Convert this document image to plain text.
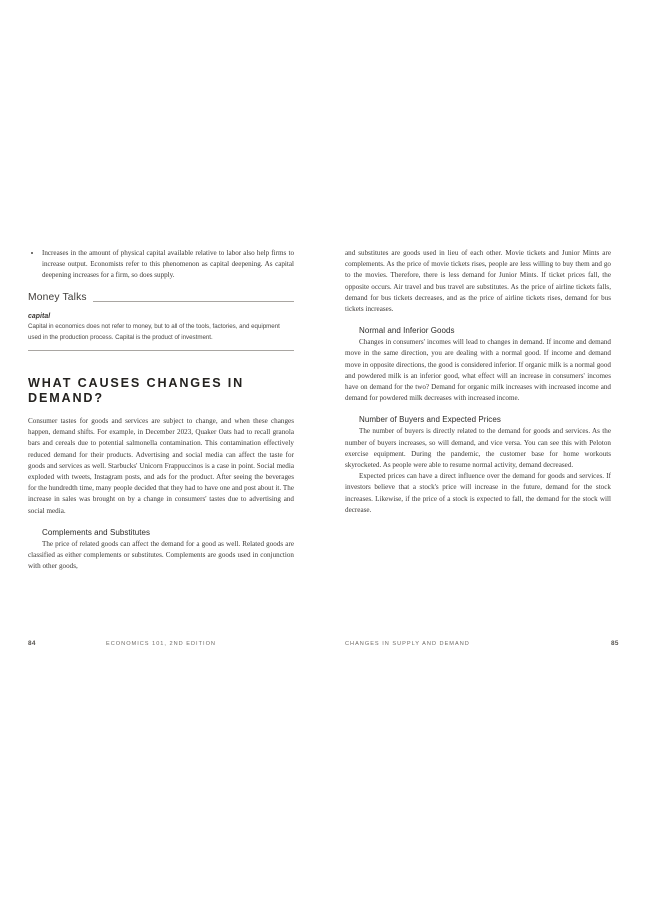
Increases in the amount of physical capital available relative to labor also help firms to increase output. Economists refer to this phenomenon as capital deepening. As capital deepening increases for a firm, so does supply.
Money Talks
capital
Capital in economics does not refer to money, but to all of the tools, factories, and equipment used in the production process. Capital is the product of investment.
WHAT CAUSES CHANGES IN DEMAND?

Consumer tastes for goods and services are subject to change, and when these changes happen, demand shifts. For example, in December 2023, Quaker Oats had to recall granola bars and cereals due to potential salmonella contamination. This contamination effectively reduced demand for their products. Advertising and social media can affect the taste for goods and services as well. Starbucks' Unicorn Frappuccinos is a case in point. Social media exploded with tweets, Instagram posts, and ads for the product. After seeing the beverages for the hundredth time, many people decided that they had to have one and post about it. The increase in sales was brought on by a change in consumers' tastes due to advertising and social media.

Complements and Substitutes

The price of related goods can affect the demand for a good as well. Related goods are classified as either complements or substitutes. Complements are goods used in conjunction with other goods,

and substitutes are goods used in lieu of each other. Movie tickets and Junior Mints are complements. As the price of movie tickets rises, people are less willing to buy them and go to the movies. Therefore, there is less demand for Junior Mints. If ticket prices fall, the opposite occurs. Air travel and bus travel are substitutes. As the price of airline tickets falls, demand for bus tickets decreases, and as the price of airline tickets rises, demand for bus tickets increases.

Normal and Inferior Goods

Changes in consumers' incomes will lead to changes in demand. If income and demand move in the same direction, you are dealing with a normal good. If income and demand move in opposite directions, the good is considered inferior. If organic milk is a normal good and powdered milk is an inferior good, what effect will an increase in consumers' incomes have on demand for the two? Demand for organic milk increases with increased income and demand for powdered milk decreases with increased income.

Number of Buyers and Expected Prices

The number of buyers is directly related to the demand for goods and services. As the number of buyers increases, so will demand, and vice versa. You can see this with Peloton exercise equipment. During the pandemic, the customer base for home workouts skyrocketed. As people were able to resume normal activity, demand decreased.

Expected prices can have a direct influence over the demand for goods and services. If investors believe that a stock's price will increase in the future, demand for the stock increases. Likewise, if the price of a stock is expected to fall, the demand for the stock will decrease.

84	ECONOMICS 101, 2ND EDITION	CHANGES IN SUPPLY AND DEMAND	85
